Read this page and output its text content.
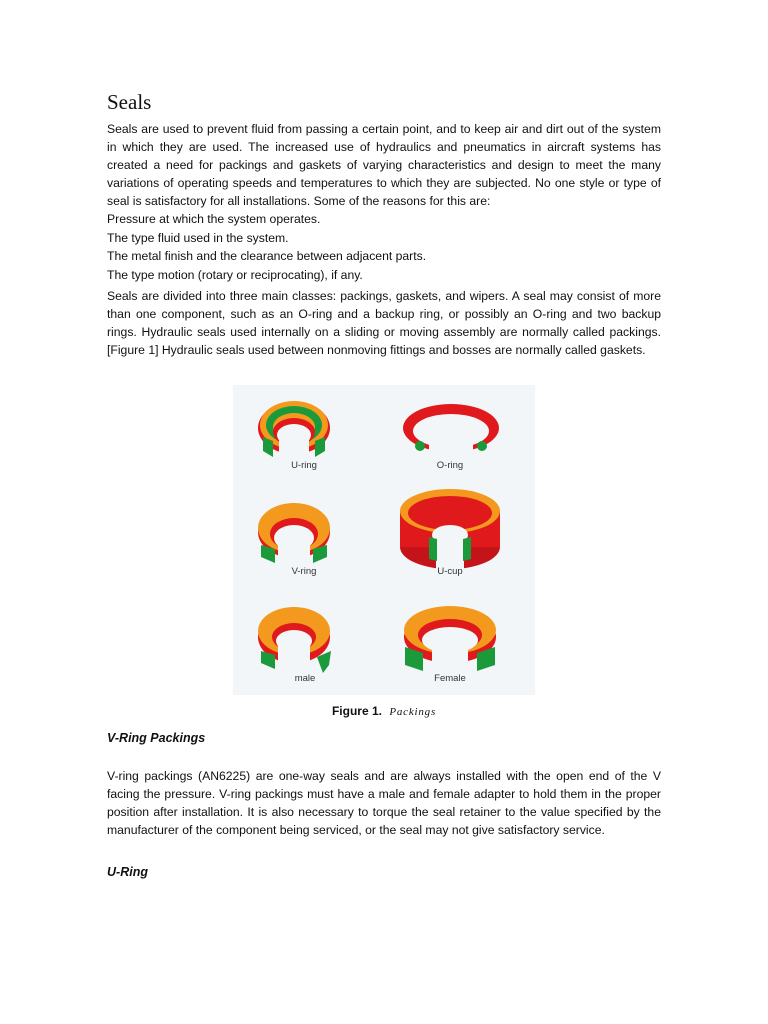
Seals

Seals are used to prevent fluid from passing a certain point, and to keep air and dirt out of the system in which they are used. The increased use of hydraulics and pneumatics in aircraft systems has created a need for packings and gaskets of varying characteristics and design to meet the many variations of operating speeds and temperatures to which they are subjected. No one style or type of seal is satisfactory for all installations. Some of the reasons for this are:

Pressure at which the system operates.

The type fluid used in the system.

The metal finish and the clearance between adjacent parts.

The type motion (rotary or reciprocating), if any.

Seals are divided into three main classes: packings, gaskets, and wipers. A seal may consist of more than one component, such as an O-ring and a backup ring, or possibly an O-ring and two backup rings. Hydraulic seals used internally on a sliding or moving assembly are normally called packings. [Figure 1] Hydraulic seals used between nonmoving fittings and bosses are normally called gaskets.

U-ring	O-ring
V-ring	U-cup
male	Female
Figure 1. Packings
V-Ring Packings

V-ring packings (AN6225) are one-way seals and are always installed with the open end of the V facing the pressure. V-ring packings must have a male and female adapter to hold them in the proper position after installation. It is also necessary to torque the seal retainer to the value specified by the manufacturer of the component being serviced, or the seal may not give satisfactory service.

U-Ring
